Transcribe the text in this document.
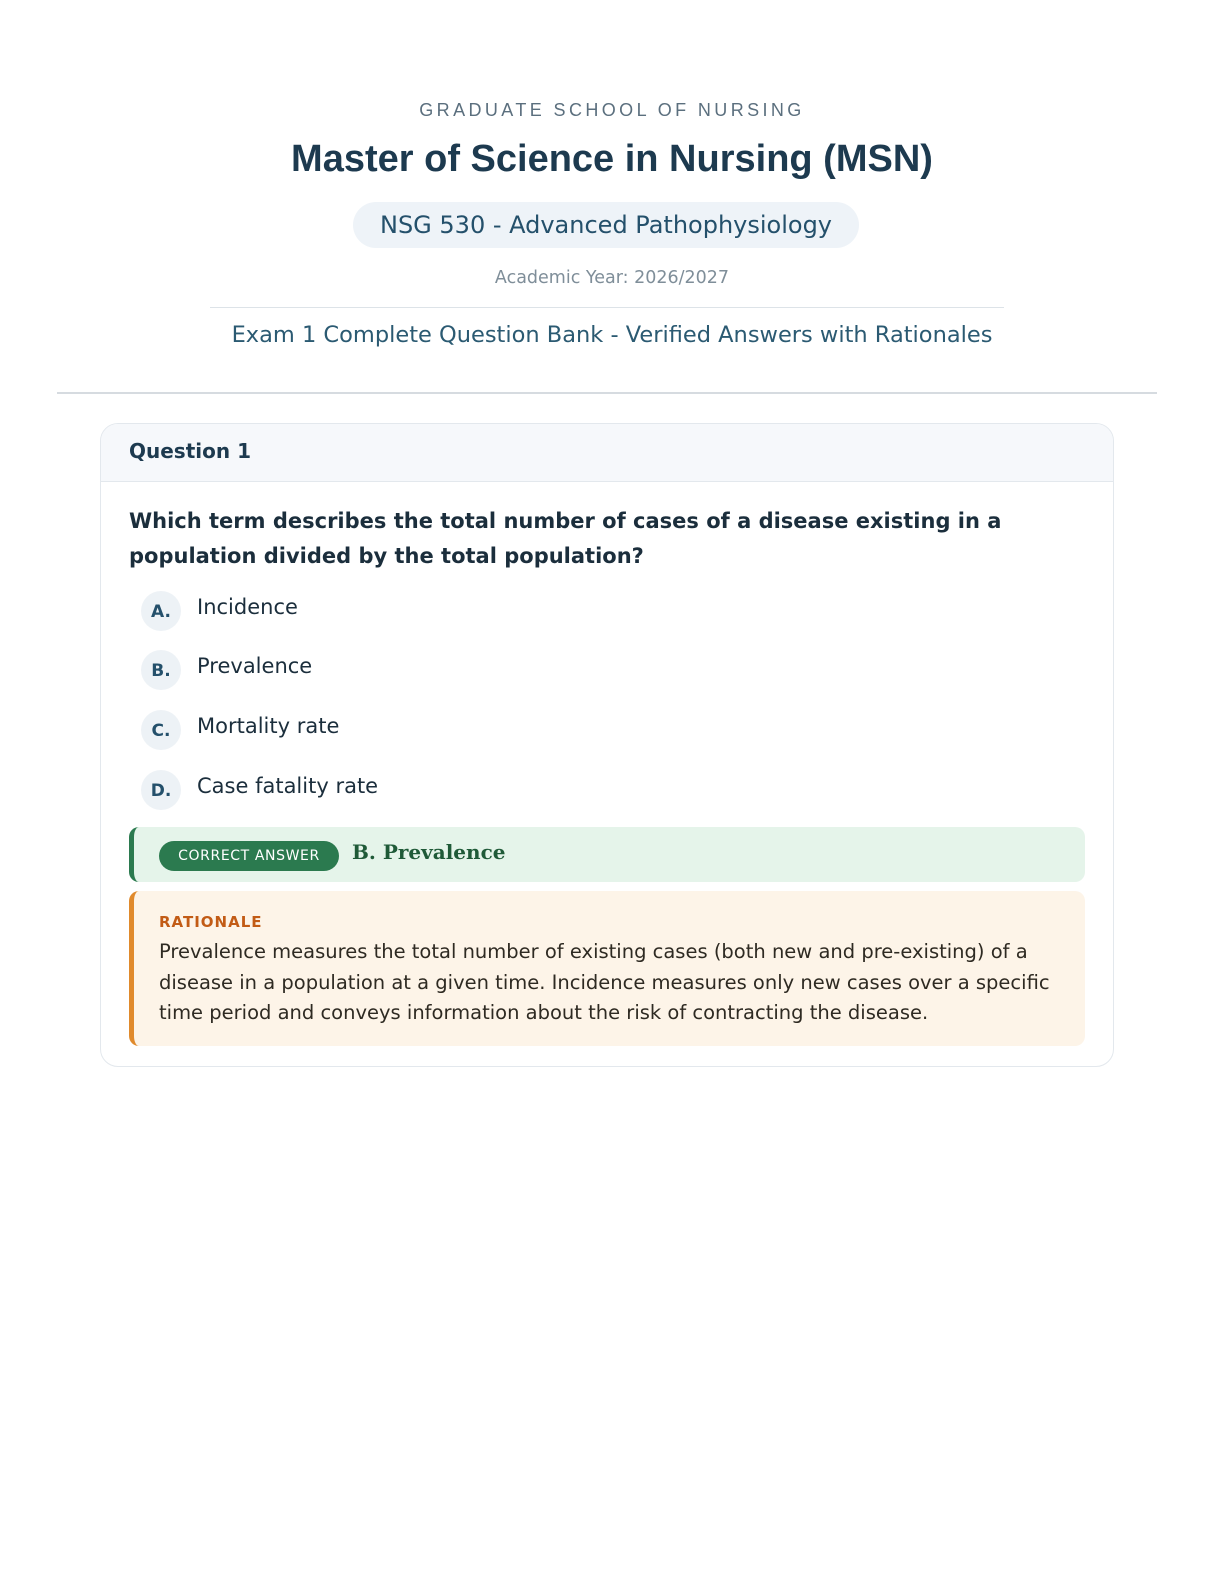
GRADUATE SCHOOL OF NURSING
Master of Science in Nursing (MSN)
NSG 530 - Advanced Pathophysiology
Academic Year: 2026/2027
Exam 1 Complete Question Bank - Verified Answers with Rationales
Question 1
Which term describes the total number of cases of a disease existing in a population divided by the total population?
A.	Incidence
B.	Prevalence
C.	Mortality rate
D.	Case fatality rate
CORRECT ANSWER	B. Prevalence
RATIONALE
Prevalence measures the total number of existing cases (both new and pre-existing) of a disease in a population at a given time. Incidence measures only new cases over a specific time period and conveys information about the risk of contracting the disease.
